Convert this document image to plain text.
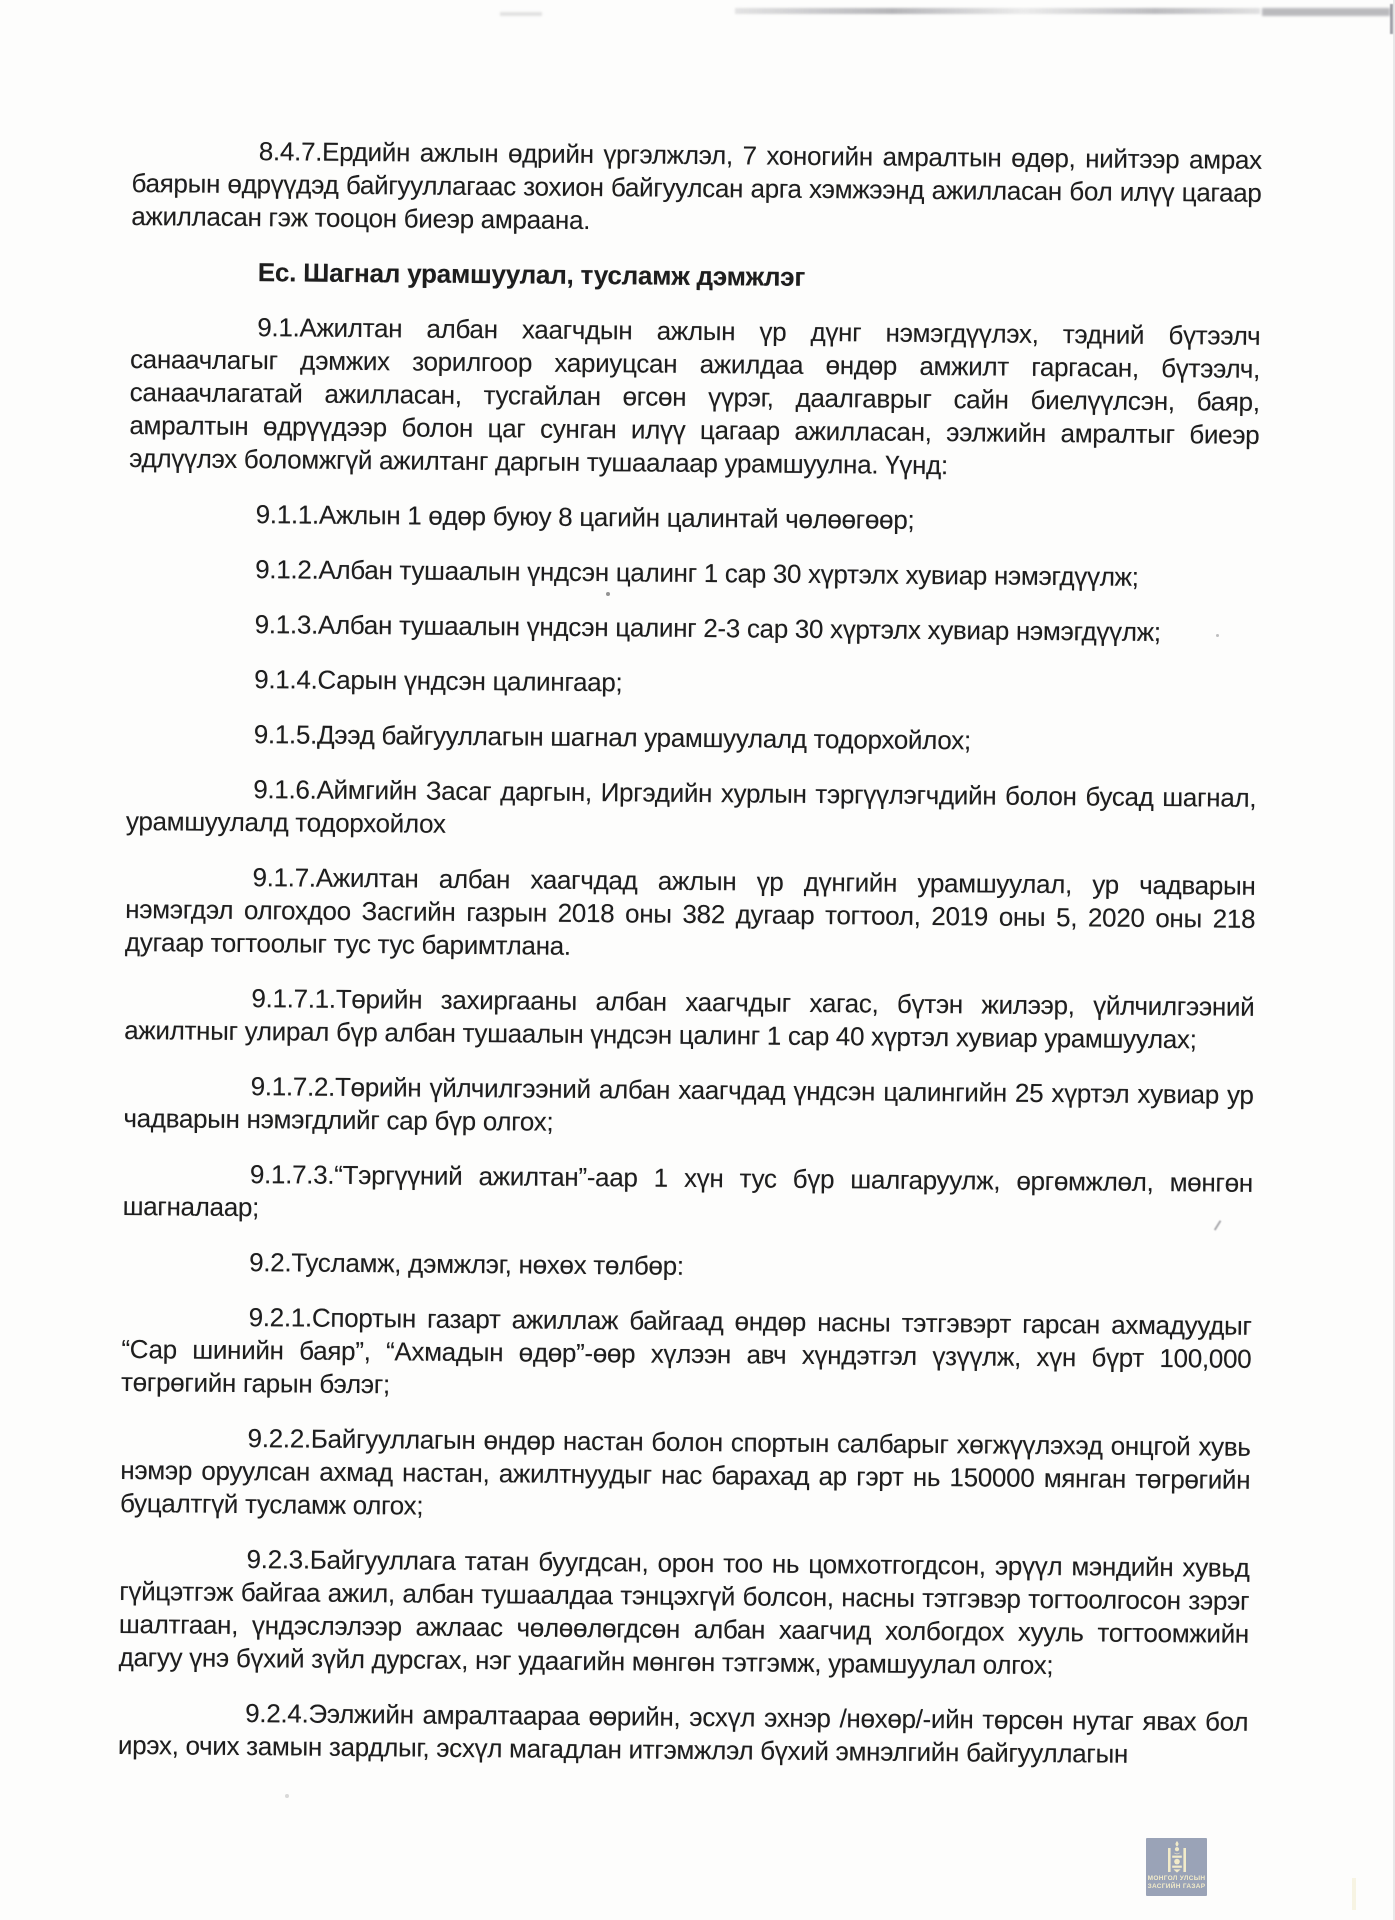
8.4.7.Ердийн ажлын өдрийн үргэлжлэл, 7 хоногийн амралтын өдөр, нийтээр амрах баярын өдрүүдэд байгууллагаас зохион байгуулсан арга хэмжээнд ажилласан бол илүү цагаар ажилласан гэж тооцон биеэр амраана.

Ес. Шагнал урамшуулал, тусламж дэмжлэг

9.1.Ажилтан албан хаагчдын ажлын үр дүнг нэмэгдүүлэх, тэдний бүтээлч санаачлагыг дэмжих зорилгоор хариуцсан ажилдаа өндөр амжилт гаргасан, бүтээлч, санаачлагатай ажилласан, тусгайлан өгсөн үүрэг, даалгаврыг сайн биелүүлсэн, баяр, амралтын өдрүүдээр болон цаг сунган илүү цагаар ажилласан, ээлжийн амралтыг биеэр эдлүүлэх боломжгүй ажилтанг даргын тушаалаар урамшуулна. Үүнд:

9.1.1.Ажлын 1 өдөр буюу 8 цагийн цалинтай чөлөөгөөр;

9.1.2.Албан тушаалын үндсэн цалинг 1 сар 30 хүртэлх хувиар нэмэгдүүлж;

9.1.3.Албан тушаалын үндсэн цалинг 2-3 сар 30 хүртэлх хувиар нэмэгдүүлж;

9.1.4.Сарын үндсэн цалингаар;

9.1.5.Дээд байгууллагын шагнал урамшуулалд тодорхойлох;

9.1.6.Аймгийн Засаг даргын, Иргэдийн хурлын тэргүүлэгчдийн болон бусад шагнал, урамшуулалд тодорхойлох

9.1.7.Ажилтан албан хаагчдад ажлын үр дүнгийн урамшуулал, ур чадварын нэмэгдэл олгохдоо Засгийн газрын 2018 оны 382 дугаар тогтоол, 2019 оны 5, 2020 оны 218 дугаар тогтоолыг тус тус баримтлана.

9.1.7.1.Төрийн захиргааны албан хаагчдыг хагас, бүтэн жилээр, үйлчилгээний ажилтныг улирал бүр албан тушаалын үндсэн цалинг 1 сар 40 хүртэл хувиар урамшуулах;

9.1.7.2.Төрийн үйлчилгээний албан хаагчдад үндсэн цалингийн 25 хүртэл хувиар ур чадварын нэмэгдлийг сар бүр олгох;

9.1.7.3.“Тэргүүний ажилтан”-аар 1 хүн тус бүр шалгаруулж, өргөмжлөл, мөнгөн шагналаар;

9.2.Тусламж, дэмжлэг, нөхөх төлбөр:

9.2.1.Спортын газарт ажиллаж байгаад өндөр насны тэтгэвэрт гарсан ахмадуудыг “Сар шинийн баяр”, “Ахмадын өдөр”-өөр хүлээн авч хүндэтгэл үзүүлж, хүн бүрт 100,000 төгрөгийн гарын бэлэг;

9.2.2.Байгууллагын өндөр настан болон спортын салбарыг хөгжүүлэхэд онцгой хувь нэмэр оруулсан ахмад настан, ажилтнуудыг нас барахад ар гэрт нь 150000 мянган төгрөгийн буцалтгүй тусламж олгох;

9.2.3.Байгууллага татан буугдсан, орон тоо нь цомхотгогдсон, эрүүл мэндийн хувьд гүйцэтгэж байгаа ажил, албан тушаалдаа тэнцэхгүй болсон, насны тэтгэвэр тогтоолгосон зэрэг шалтгаан, үндэслэлээр ажлаас чөлөөлөгдсөн албан хаагчид холбогдох хууль тогтоомжийн дагуу үнэ бүхий зүйл дурсгах, нэг удаагийн мөнгөн тэтгэмж, урамшуулал олгох;

9.2.4.Ээлжийн амралтаараа өөрийн, эсхүл эхнэр /нөхөр/-ийн төрсөн нутаг явах бол ирэх, очих замын зардлыг, эсхүл магадлан итгэмжлэл бүхий эмнэлгийн байгууллагын

МОНГОЛ УЛСЫН
ЗАСГИЙН ГАЗАР
